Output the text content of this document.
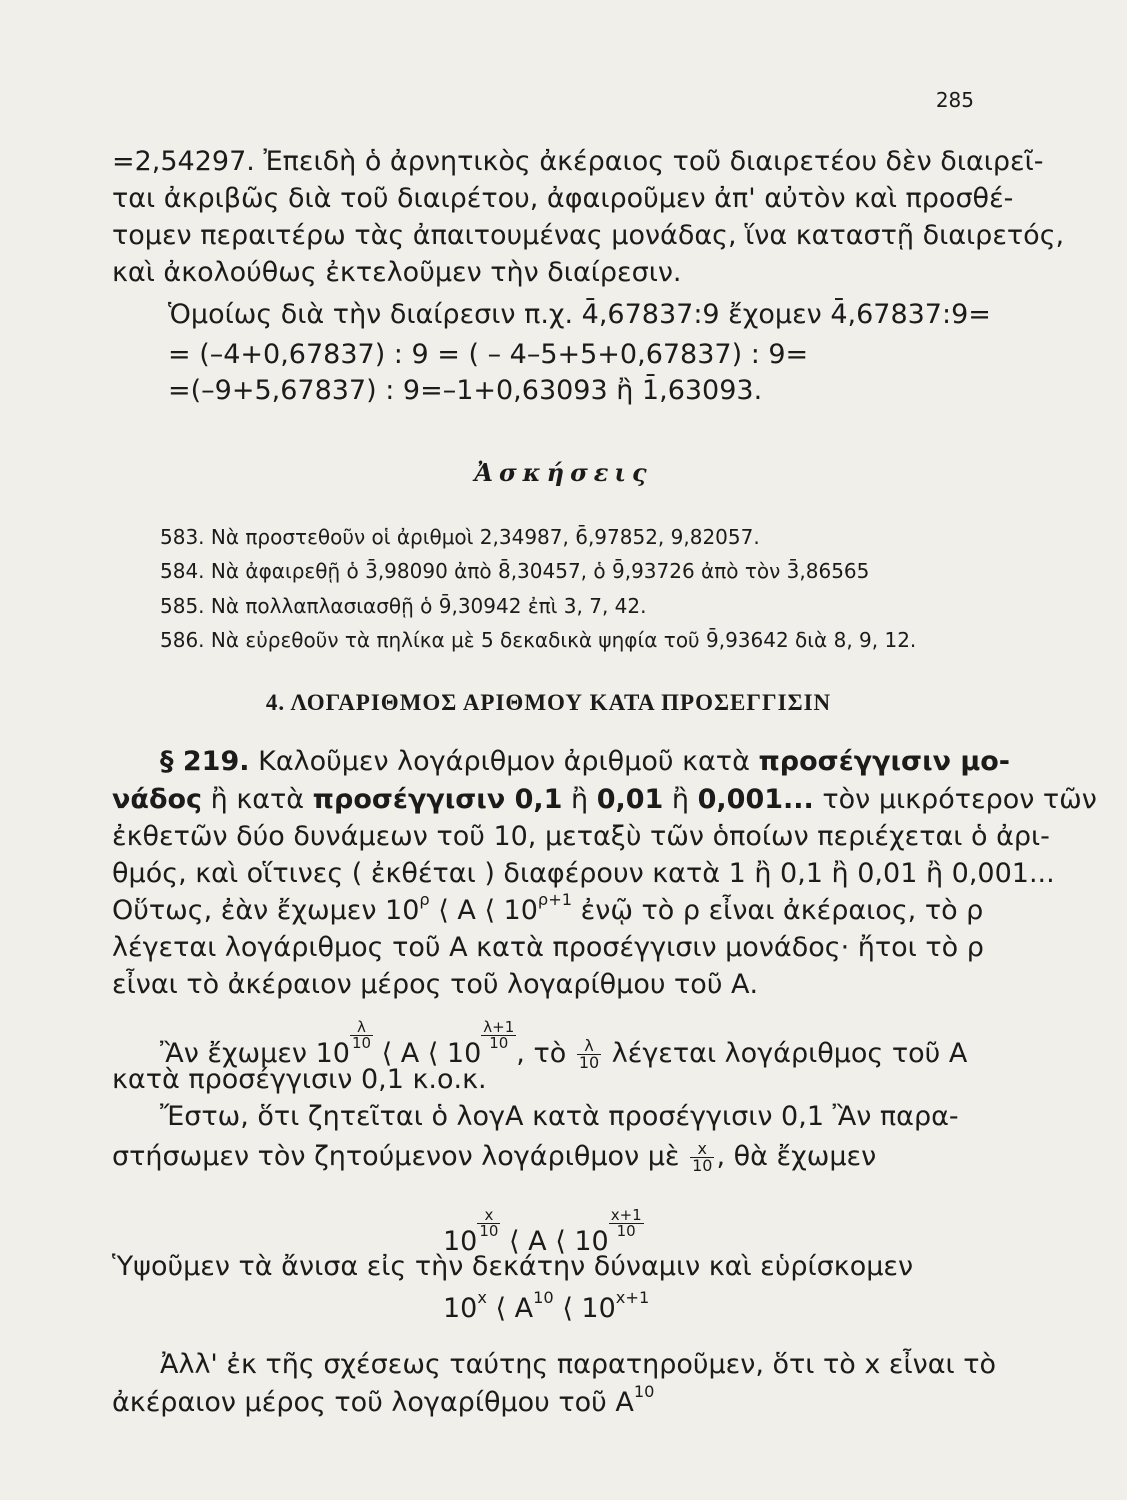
285
=2,54297. Ἐπειδὴ ὁ ἀρνητικὸς ἀκέραιος τοῦ διαιρετέου δὲν διαιρεῖ-
ται ἀκριβῶς διὰ τοῦ διαιρέτου, ἀφαιροῦμεν ἀπ' αὐτὸν καὶ προσθέ-
τομεν περαιτέρω τὰς ἀπαιτουμένας μονάδας, ἵνα καταστῇ διαιρετός,
καὶ ἀκολούθως ἐκτελοῦμεν τὴν διαίρεσιν.
Ὁμοίως διὰ τὴν διαίρεσιν π.χ. 4̄,67837:9 ἔχομεν 4̄,67837:9=
= (–4+0,67837) : 9 = ( – 4–5+5+0,67837) : 9=
=(–9+5,67837) : 9=–1+0,63093 ἢ 1̄,63093.
Ἀσκήσεις
583. Νὰ προστεθοῦν οἱ ἀριθμοὶ 2,34987, 6̄,97852, 9,82057.
584. Νὰ ἀφαιρεθῇ ὁ 3̄,98090 ἀπὸ 8̄,30457, ὁ 9̄,93726 ἀπὸ τὸν 3̄,86565
585. Νὰ πολλαπλασιασθῇ ὁ 9̄,30942 ἐπὶ 3, 7, 42.
586. Νὰ εὑρεθοῦν τὰ πηλίκα μὲ 5 δεκαδικὰ ψηφία τοῦ 9̄,93642 διὰ 8, 9, 12.
4. ΛΟΓΑΡΙΘΜΟΣ ΑΡΙΘΜΟΥ ΚΑΤΑ ΠΡΟΣΕΓΓΙΣΙΝ
§ 219. Καλοῦμεν λογάριθμον ἀριθμοῦ κατὰ προσέγγισιν μο-
νάδος ἢ κατὰ προσέγγισιν 0,1 ἢ 0,01 ἢ 0,001... τὸν μικρότερον τῶν
ἐκθετῶν δύο δυνάμεων τοῦ 10, μεταξὺ τῶν ὁποίων περιέχεται ὁ ἀρι-
θμός, καὶ οἵτινες ( ἐκθέται ) διαφέρουν κατὰ 1 ἢ 0,1 ἢ 0,01 ἢ 0,001...
Οὕτως, ἐὰν ἔχωμεν $10^\rho$ ⟨ Α ⟨ $10^{\rho+1}$ ἐνῷ τὸ ρ εἶναι ἀκέραιος, τὸ ρ
λέγεται λογάριθμος τοῦ Α κατὰ προσέγγισιν μονάδος· ἤτοι τὸ ρ
εἶναι τὸ ἀκέραιον μέρος τοῦ λογαρίθμου τοῦ Α.
Ἂν ἔχωμεν 10
$\frac{\lambda}{10}$
⟨ Α ⟨ 10
$\frac{\lambda+1}{10}$
, τὸ $\frac{\lambda}{10}$ λέγεται λογάριθμος τοῦ Α
κατὰ προσέγγισιν 0,1 κ.ο.κ.
Ἔστω, ὅτι ζητεῖται ὁ λογΑ κατὰ προσέγγισιν 0,1 Ἂν παρα-
στήσωμεν τὸν ζητούμενον λογάριθμον μὲ $\frac{x}{10}$ , θὰ ἔχωμεν
10
$\frac{x}{10}$
⟨ Α ⟨ 10
$\frac{x+1}{10}$
Ὑψοῦμεν τὰ ἄνισα εἰς τὴν δεκάτην δύναμιν καὶ εὑρίσκομεν
10$^x$ ⟨ $A^{10}$ ⟨ $10^{x+1}$
Ἀλλ' ἐκ τῆς σχέσεως ταύτης παρατηροῦμεν, ὅτι τὸ x εἶναι τὸ
ἀκέραιον μέρος τοῦ λογαρίθμου τοῦ $A^{10}$
